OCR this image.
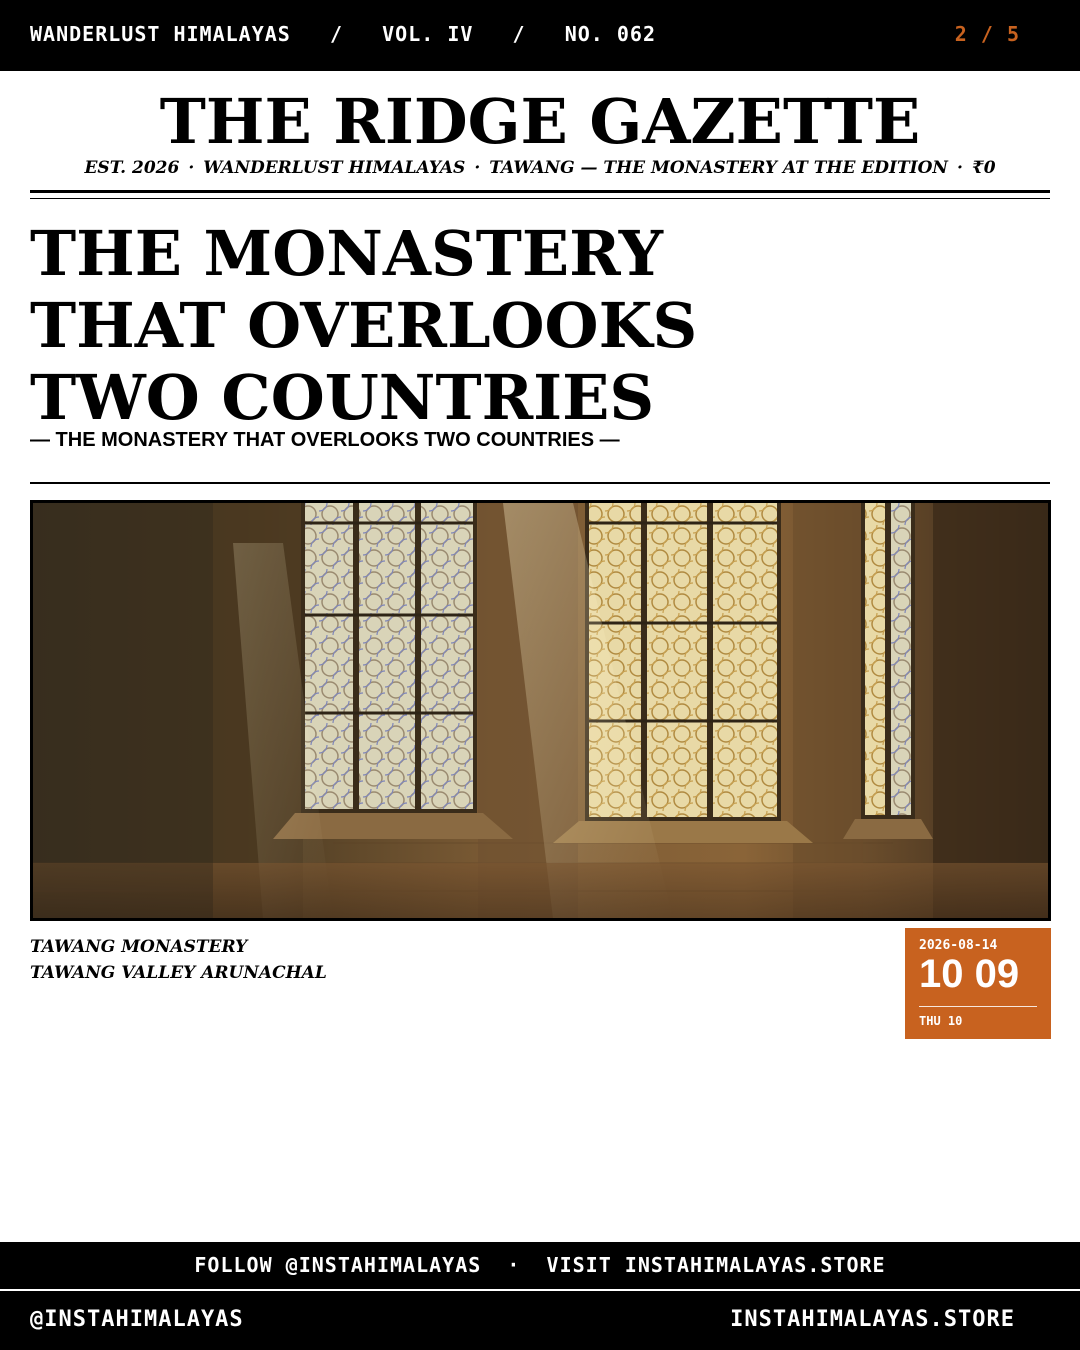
WANDERLUST HIMALAYAS / VOL. IV / NO. 062	2 / 5
THE RIDGE GAZETTE
EST. 2026 · WANDERLUST HIMALAYAS · TAWANG — THE MONASTERY AT THE EDITION · ₹0
THE MONASTERY
THAT OVERLOOKS
TWO COUNTRIES
— THE MONASTERY THAT OVERLOOKS TWO COUNTRIES —
TAWANG MONASTERY
TAWANG VALLEY ARUNACHAL
2026-08-14
10 09
THU 10
FOLLOW @INSTAHIMALAYAS · VISIT INSTAHIMALAYAS.STORE
@INSTAHIMALAYAS	INSTAHIMALAYAS.STORE
